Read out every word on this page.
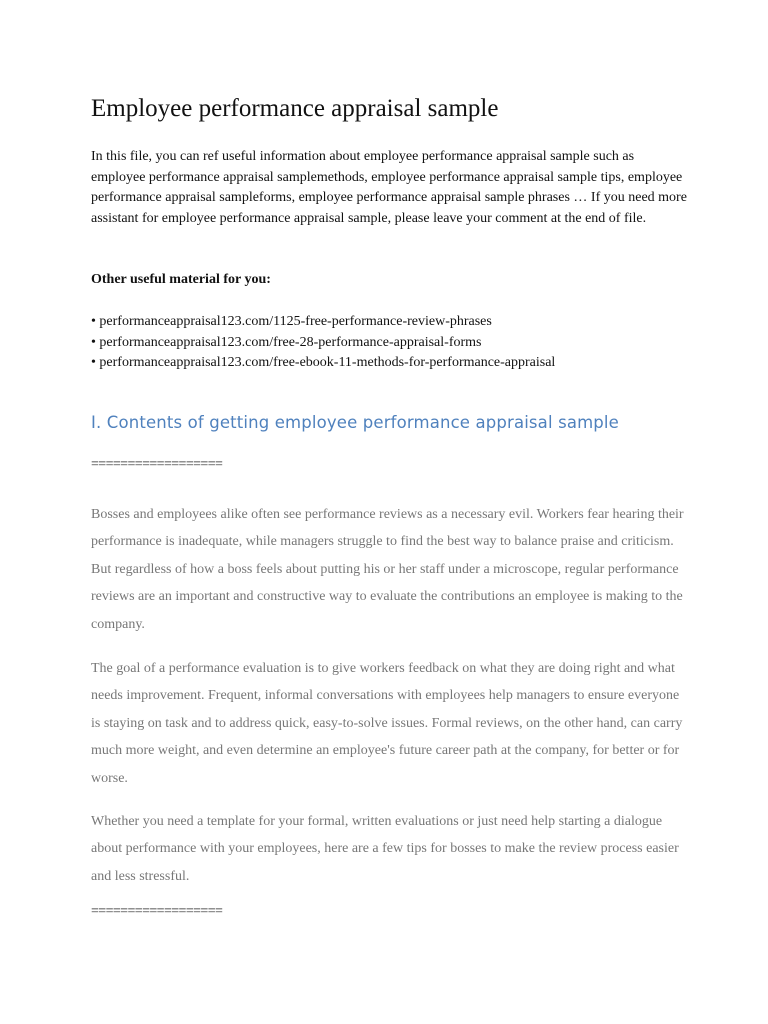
Employee performance appraisal sample

In this file, you can ref useful information about employee performance appraisal sample such as employee performance appraisal samplemethods, employee performance appraisal sample tips, employee performance appraisal sampleforms, employee performance appraisal sample phrases … If you need more assistant for employee performance appraisal sample, please leave your comment at the end of file.

Other useful material for you:

• performanceappraisal123.com/1125-free-performance-review-phrases
• performanceappraisal123.com/free-28-performance-appraisal-forms
• performanceappraisal123.com/free-ebook-11-methods-for-performance-appraisal
I. Contents of getting employee performance appraisal sample
==================

Bosses and employees alike often see performance reviews as a necessary evil. Workers fear hearing their performance is inadequate, while managers struggle to find the best way to balance praise and criticism. But regardless of how a boss feels about putting his or her staff under a microscope, regular performance reviews are an important and constructive way to evaluate the contributions an employee is making to the company.

The goal of a performance evaluation is to give workers feedback on what they are doing right and what needs improvement. Frequent, informal conversations with employees help managers to ensure everyone is staying on task and to address quick, easy-to-solve issues. Formal reviews, on the other hand, can carry much more weight, and even determine an employee's future career path at the company, for better or for worse.

Whether you need a template for your formal, written evaluations or just need help starting a dialogue about performance with your employees, here are a few tips for bosses to make the review process easier and less stressful.

==================
